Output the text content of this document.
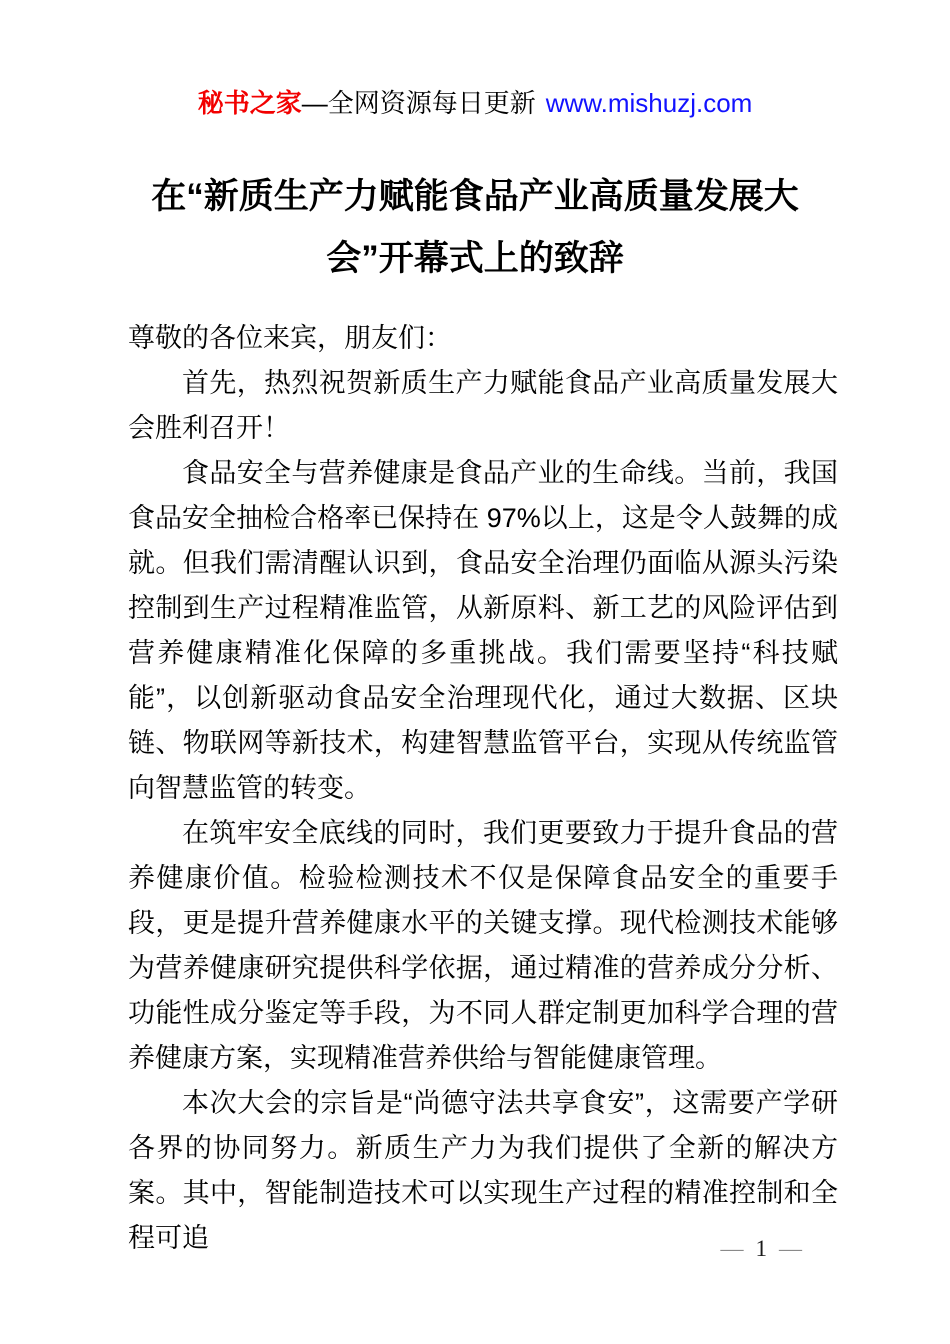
秘书之家—全网资源每日更新 www.mishuzj.com
在“新质生产力赋能食品产业高质量发展大
会”开幕式上的致辞

尊敬的各位来宾，朋友们：

首先，热烈祝贺新质生产力赋能食品产业高质量发展大会胜利召开！

食品安全与营养健康是食品产业的生命线。当前，我国食品安全抽检合格率已保持在 97%以上，这是令人鼓舞的成就。但我们需清醒认识到，食品安全治理仍面临从源头污染控制到生产过程精准监管，从新原料、新工艺的风险评估到营养健康精准化保障的多重挑战。我们需要坚持“科技赋能”，以创新驱动食品安全治理现代化，通过大数据、区块链、物联网等新技术，构建智慧监管平台，实现从传统监管向智慧监管的转变。

在筑牢安全底线的同时，我们更要致力于提升食品的营养健康价值。检验检测技术不仅是保障食品安全的重要手段，更是提升营养健康水平的关键支撑。现代检测技术能够为营养健康研究提供科学依据，通过精准的营养成分分析、功能性成分鉴定等手段，为不同人群定制更加科学合理的营养健康方案，实现精准营养供给与智能健康管理。

本次大会的宗旨是“尚德守法共享食安”，这需要产学研各界的协同努力。新质生产力为我们提供了全新的解决方案。其中，智能制造技术可以实现生产过程的精准控制和全程可追	— 1 —
